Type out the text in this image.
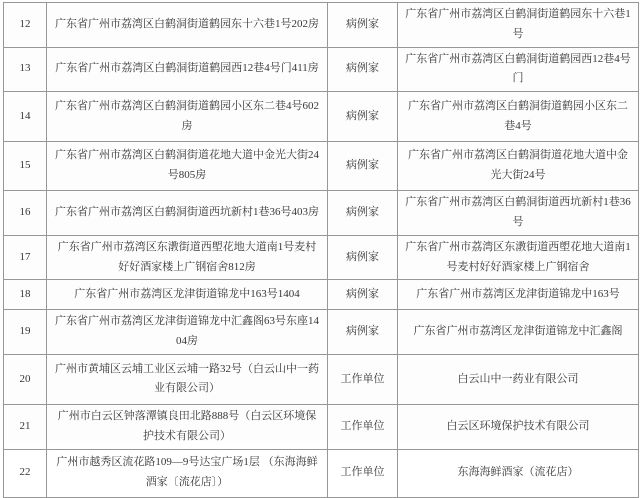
12	广东省广州市荔湾区白鹤洞街道鹤园东十六巷1号202房	病例家	广东省广州市荔湾区白鹤洞街道鹤园东十六巷1号
13	广东省广州市荔湾区白鹤洞街道鹤园西12巷4号门411房	病例家	广东省广州市荔湾区白鹤洞街道鹤园西12巷4号门
14	广东省广州市荔湾区白鹤洞街道鹤园小区东二巷4号602房	病例家	广东省广州市荔湾区白鹤洞街道鹤园小区东二巷4号
15	广东省广州市荔湾区白鹤洞街道花地大道中金光大街24号805房	病例家	广东省广州市荔湾区白鹤洞街道花地大道中金光大街24号
16	广东省广州市荔湾区白鹤洞街道西坑新村1巷36号403房	病例家	广东省广州市荔湾区白鹤洞街道西坑新村1巷36号
17	广东省广州市荔湾区东漖街道西塱花地大道南1号麦村好好酒家楼上广钢宿舍812房	病例家	广东省广州市荔湾区东漖街道西塱花地大道南1号麦村好好酒家楼上广钢宿舍
18	广东省广州市荔湾区龙津街道锦龙中163号1404	病例家	广东省广州市荔湾区龙津街道锦龙中163号
19	广东省广州市荔湾区龙津街道锦龙中汇鑫阁63号东座1404房	病例家	广东省广州市荔湾区龙津街道锦龙中汇鑫阁
20	广州市黄埔区云埔工业区云埔一路32号（白云山中一药业有限公司）	工作单位	白云山中一药业有限公司
21	广州市白云区钟落潭镇良田北路888号（白云区环境保护技术有限公司）	工作单位	白云区环境保护技术有限公司
22	广州市越秀区流花路109—9号达宝广场1层 （东海海鲜酒家〔流花店〕）	工作单位	东海海鲜酒家（流花店）
